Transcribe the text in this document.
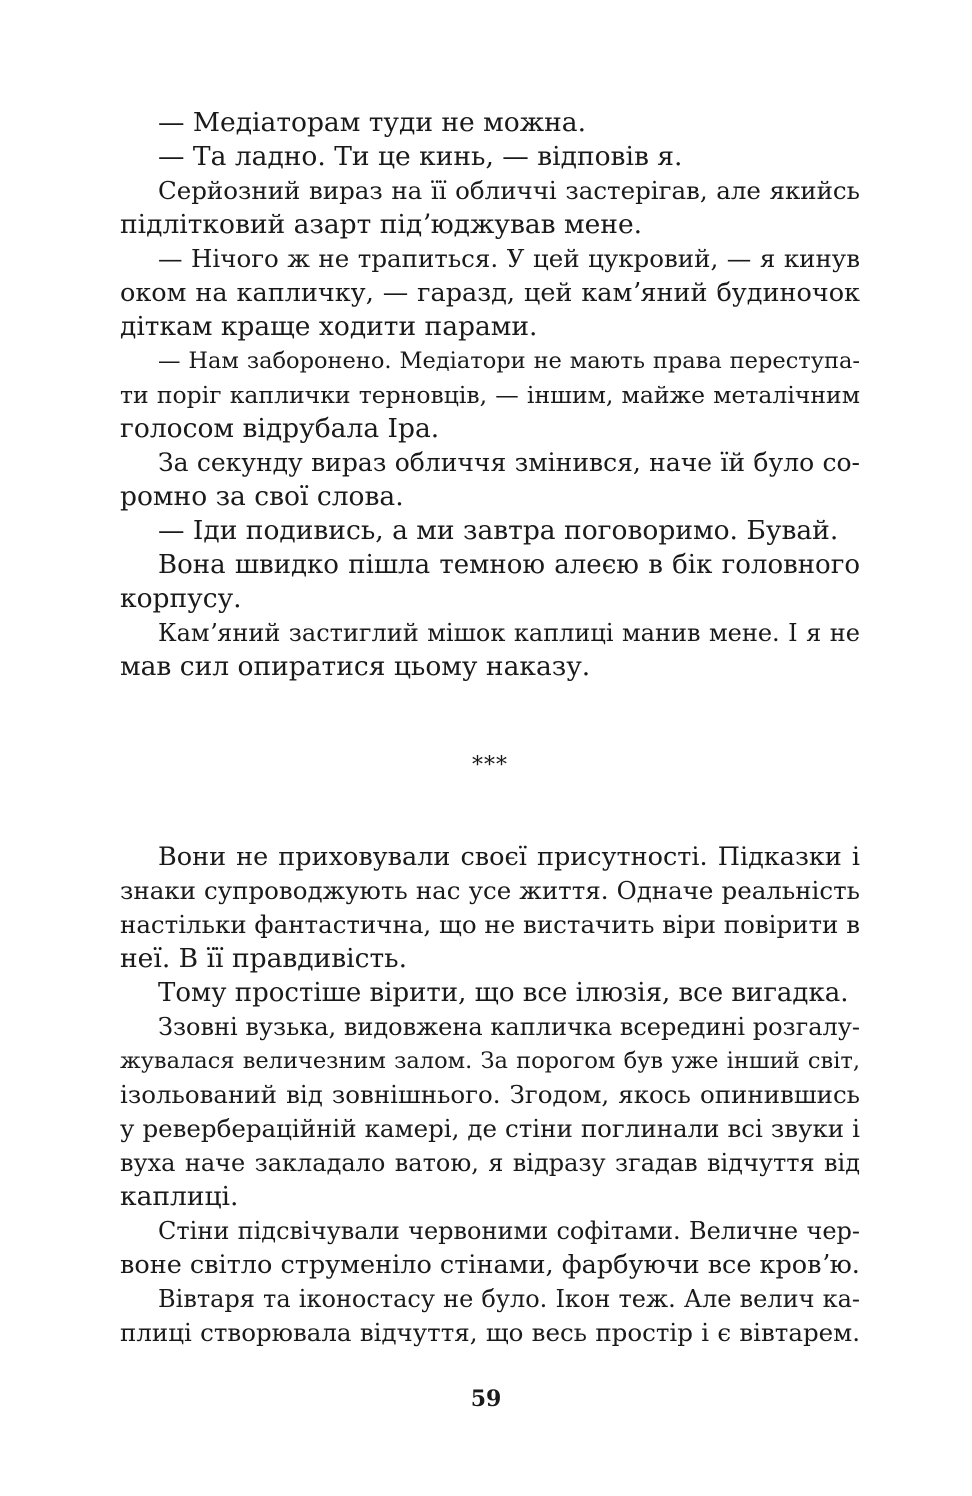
— Медіаторам туди не можна.
— Та ладно. Ти це кинь, — відповів я.
Серйозний вираз на її обличчі застерігав, але якийсь
підлітковий азарт підʼюджував мене.
— Нічого ж не трапиться. У цей цукровий, — я кинув
оком на капличку, — гаразд, цей камʼяний будиночок
діткам краще ходити парами.
— Нам заборонено. Медіатори не мають права переступа-
ти поріг каплички терновців, — іншим, майже металічним
голосом відрубала Іра.
За секунду вираз обличчя змінився, наче їй було со-
ромно за свої слова.
— Іди подивись, а ми завтра поговоримо. Бувай.
Вона швидко пішла темною алеєю в бік головного
корпусу.
Камʼяний застиглий мішок каплиці манив мене. І я не
мав сил опиратися цьому наказу.
***
Вони не приховували своєї присутності. Підказки і
знаки супроводжують нас усе життя. Одначе реальність
настільки фантастична, що не вистачить віри повірити в
неї. В її правдивість.
Тому простіше вірити, що все ілюзія, все вигадка.
Ззовні вузька, видовжена капличка всередині розгалу-
жувалася величезним залом. За порогом був уже інший світ,
ізольований від зовнішнього. Згодом, якось опинившись
у ревербераційній камері, де стіни поглинали всі звуки і
вуха наче закладало ватою, я відразу згадав відчуття від
каплиці.
Стіни підсвічували червоними софітами. Величне чер-
воне світло струменіло стінами, фарбуючи все кровʼю.
Вівтаря та іконостасу не було. Ікон теж. Але велич ка-
плиці створювала відчуття, що весь простір і є вівтарем.
59
